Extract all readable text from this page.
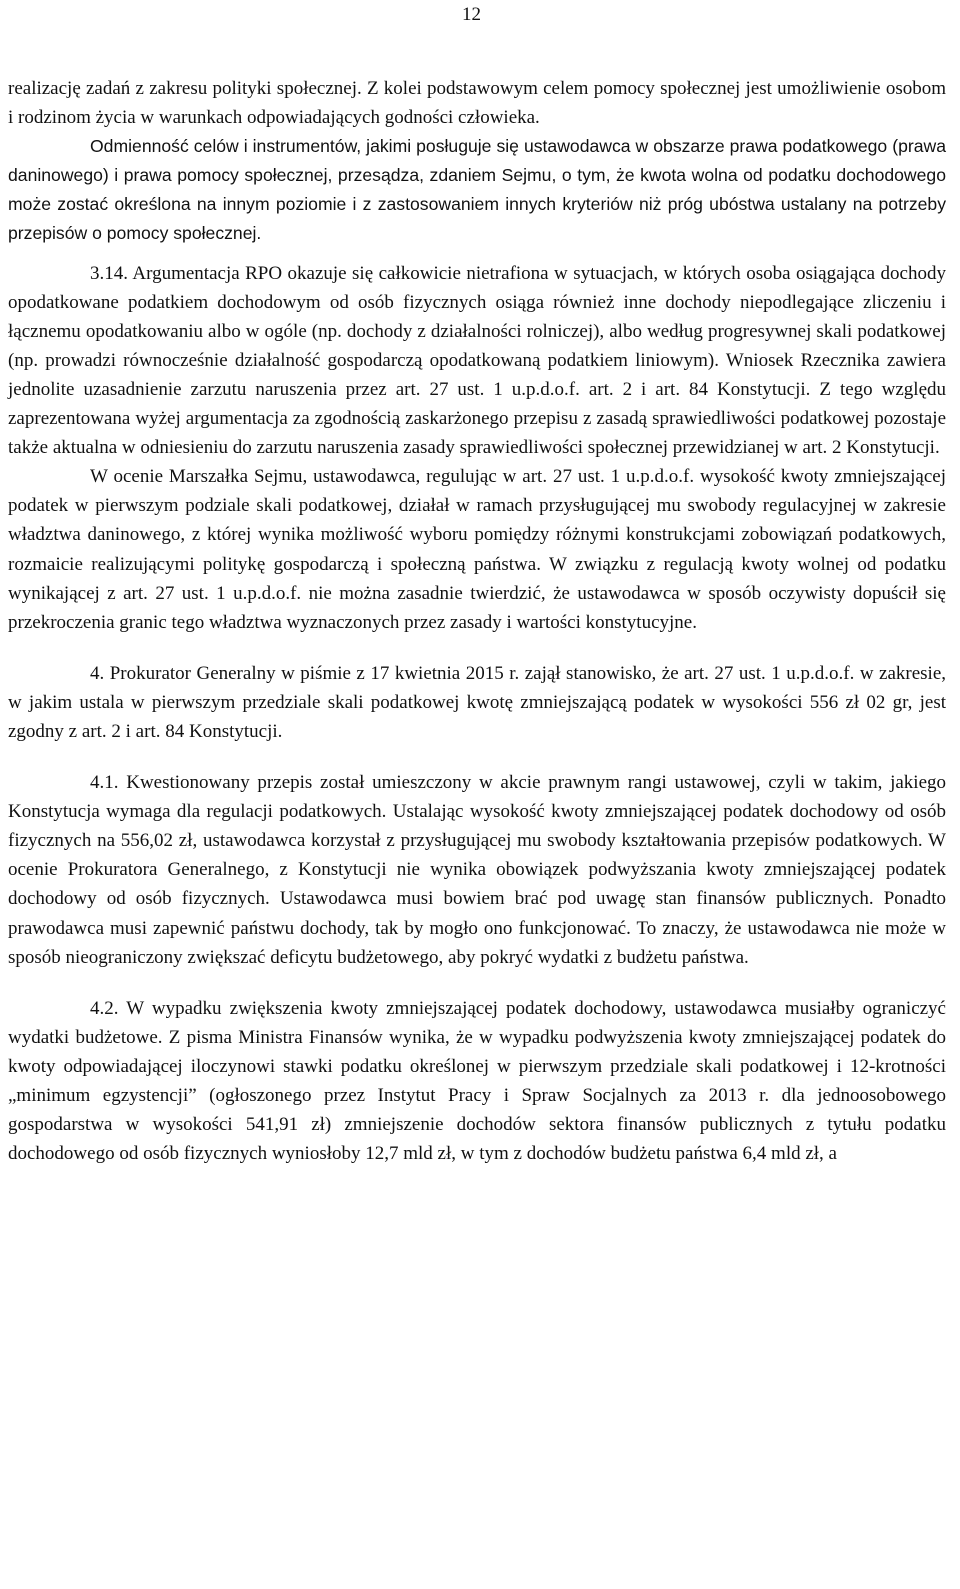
12

realizację zadań z zakresu polityki społecznej. Z kolei podstawowym celem pomocy społecznej jest umożliwienie osobom i rodzinom życia w warunkach odpowiadających godności człowieka.

Odmienność celów i instrumentów, jakimi posługuje się ustawodawca w obszarze prawa podatkowego (prawa daninowego) i prawa pomocy społecznej, przesądza, zdaniem Sejmu, o tym, że kwota wolna od podatku dochodowego może zostać określona na innym poziomie i z zastosowaniem innych kryteriów niż próg ubóstwa ustalany na potrzeby przepisów o pomocy społecznej.

3.14. Argumentacja RPO okazuje się całkowicie nietrafiona w sytuacjach, w których osoba osiągająca dochody opodatkowane podatkiem dochodowym od osób fizycznych osiąga również inne dochody niepodlegające zliczeniu i łącznemu opodatkowaniu albo w ogóle (np. dochody z działalności rolniczej), albo według progresywnej skali podatkowej (np. prowadzi równocześnie działalność gospodarczą opodatkowaną podatkiem liniowym). Wniosek Rzecznika zawiera jednolite uzasadnienie zarzutu naruszenia przez art. 27 ust. 1 u.p.d.o.f. art. 2 i art. 84 Konstytucji. Z tego względu zaprezentowana wyżej argumentacja za zgodnością zaskarżonego przepisu z zasadą sprawiedliwości podatkowej pozostaje także aktualna w odniesieniu do zarzutu naruszenia zasady sprawiedliwości społecznej przewidzianej w art. 2 Konstytucji.

W ocenie Marszałka Sejmu, ustawodawca, regulując w art. 27 ust. 1 u.p.d.o.f. wysokość kwoty zmniejszającej podatek w pierwszym podziale skali podatkowej, działał w ramach przysługującej mu swobody regulacyjnej w zakresie władztwa daninowego, z której wynika możliwość wyboru pomiędzy różnymi konstrukcjami zobowiązań podatkowych, rozmaicie realizującymi politykę gospodarczą i społeczną państwa. W związku z regulacją kwoty wolnej od podatku wynikającej z art. 27 ust. 1 u.p.d.o.f. nie można zasadnie twierdzić, że ustawodawca w sposób oczywisty dopuścił się przekroczenia granic tego władztwa wyznaczonych przez zasady i wartości konstytucyjne.

4. Prokurator Generalny w piśmie z 17 kwietnia 2015 r. zajął stanowisko, że art. 27 ust. 1 u.p.d.o.f. w zakresie, w jakim ustala w pierwszym przedziale skali podatkowej kwotę zmniejszającą podatek w wysokości 556 zł 02 gr, jest zgodny z art. 2 i art. 84 Konstytucji.

4.1. Kwestionowany przepis został umieszczony w akcie prawnym rangi ustawowej, czyli w takim, jakiego Konstytucja wymaga dla regulacji podatkowych. Ustalając wysokość kwoty zmniejszającej podatek dochodowy od osób fizycznych na 556,02 zł, ustawodawca korzystał z przysługującej mu swobody kształtowania przepisów podatkowych. W ocenie Prokuratora Generalnego, z Konstytucji nie wynika obowiązek podwyższania kwoty zmniejszającej podatek dochodowy od osób fizycznych. Ustawodawca musi bowiem brać pod uwagę stan finansów publicznych. Ponadto prawodawca musi zapewnić państwu dochody, tak by mogło ono funkcjonować. To znaczy, że ustawodawca nie może w sposób nieograniczony zwiększać deficytu budżetowego, aby pokryć wydatki z budżetu państwa.

4.2. W wypadku zwiększenia kwoty zmniejszającej podatek dochodowy, ustawodawca musiałby ograniczyć wydatki budżetowe. Z pisma Ministra Finansów wynika, że w wypadku podwyższenia kwoty zmniejszającej podatek do kwoty odpowiadającej iloczynowi stawki podatku określonej w pierwszym przedziale skali podatkowej i 12-krotności „minimum egzystencji” (ogłoszonego przez Instytut Pracy i Spraw Socjalnych za 2013 r. dla jednoosobowego gospodarstwa w wysokości 541,91 zł) zmniejszenie dochodów sektora finansów publicznych z tytułu podatku dochodowego od osób fizycznych wyniosłoby 12,7 mld zł, w tym z dochodów budżetu państwa 6,4 mld zł, a
